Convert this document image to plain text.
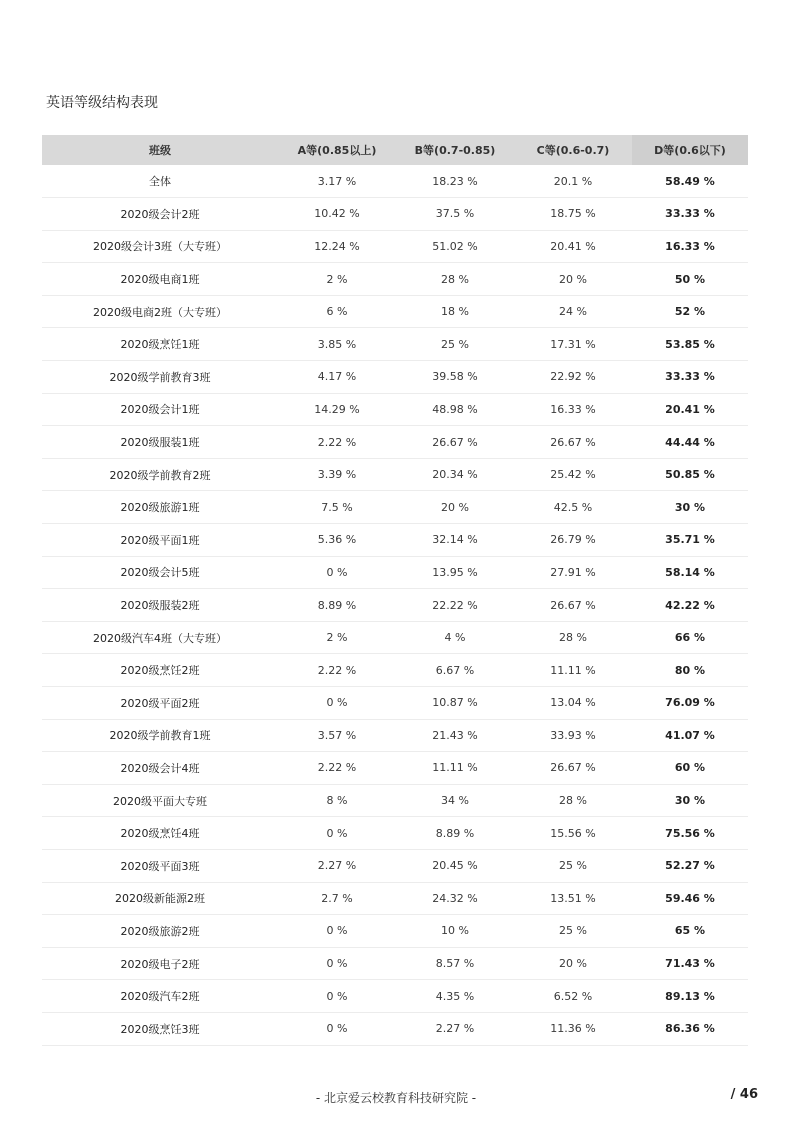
英语等级结构表现
班级	A等(0.85以上)	B等(0.7-0.85)	C等(0.6-0.7)	D等(0.6以下)
全体	3.17 %	18.23 %	20.1 %	58.49 %
2020级会计2班	10.42 %	37.5 %	18.75 %	33.33 %
2020级会计3班（大专班）	12.24 %	51.02 %	20.41 %	16.33 %
2020级电商1班	2 %	28 %	20 %	50 %
2020级电商2班（大专班）	6 %	18 %	24 %	52 %
2020级烹饪1班	3.85 %	25 %	17.31 %	53.85 %
2020级学前教育3班	4.17 %	39.58 %	22.92 %	33.33 %
2020级会计1班	14.29 %	48.98 %	16.33 %	20.41 %
2020级服装1班	2.22 %	26.67 %	26.67 %	44.44 %
2020级学前教育2班	3.39 %	20.34 %	25.42 %	50.85 %
2020级旅游1班	7.5 %	20 %	42.5 %	30 %
2020级平面1班	5.36 %	32.14 %	26.79 %	35.71 %
2020级会计5班	0 %	13.95 %	27.91 %	58.14 %
2020级服装2班	8.89 %	22.22 %	26.67 %	42.22 %
2020级汽车4班（大专班）	2 %	4 %	28 %	66 %
2020级烹饪2班	2.22 %	6.67 %	11.11 %	80 %
2020级平面2班	0 %	10.87 %	13.04 %	76.09 %
2020级学前教育1班	3.57 %	21.43 %	33.93 %	41.07 %
2020级会计4班	2.22 %	11.11 %	26.67 %	60 %
2020级平面大专班	8 %	34 %	28 %	30 %
2020级烹饪4班	0 %	8.89 %	15.56 %	75.56 %
2020级平面3班	2.27 %	20.45 %	25 %	52.27 %
2020级新能源2班	2.7 %	24.32 %	13.51 %	59.46 %
2020级旅游2班	0 %	10 %	25 %	65 %
2020级电子2班	0 %	8.57 %	20 %	71.43 %
2020级汽车2班	0 %	4.35 %	6.52 %	89.13 %
2020级烹饪3班	0 %	2.27 %	11.36 %	86.36 %
- 北京爱云校教育科技研究院 -	/ 46
